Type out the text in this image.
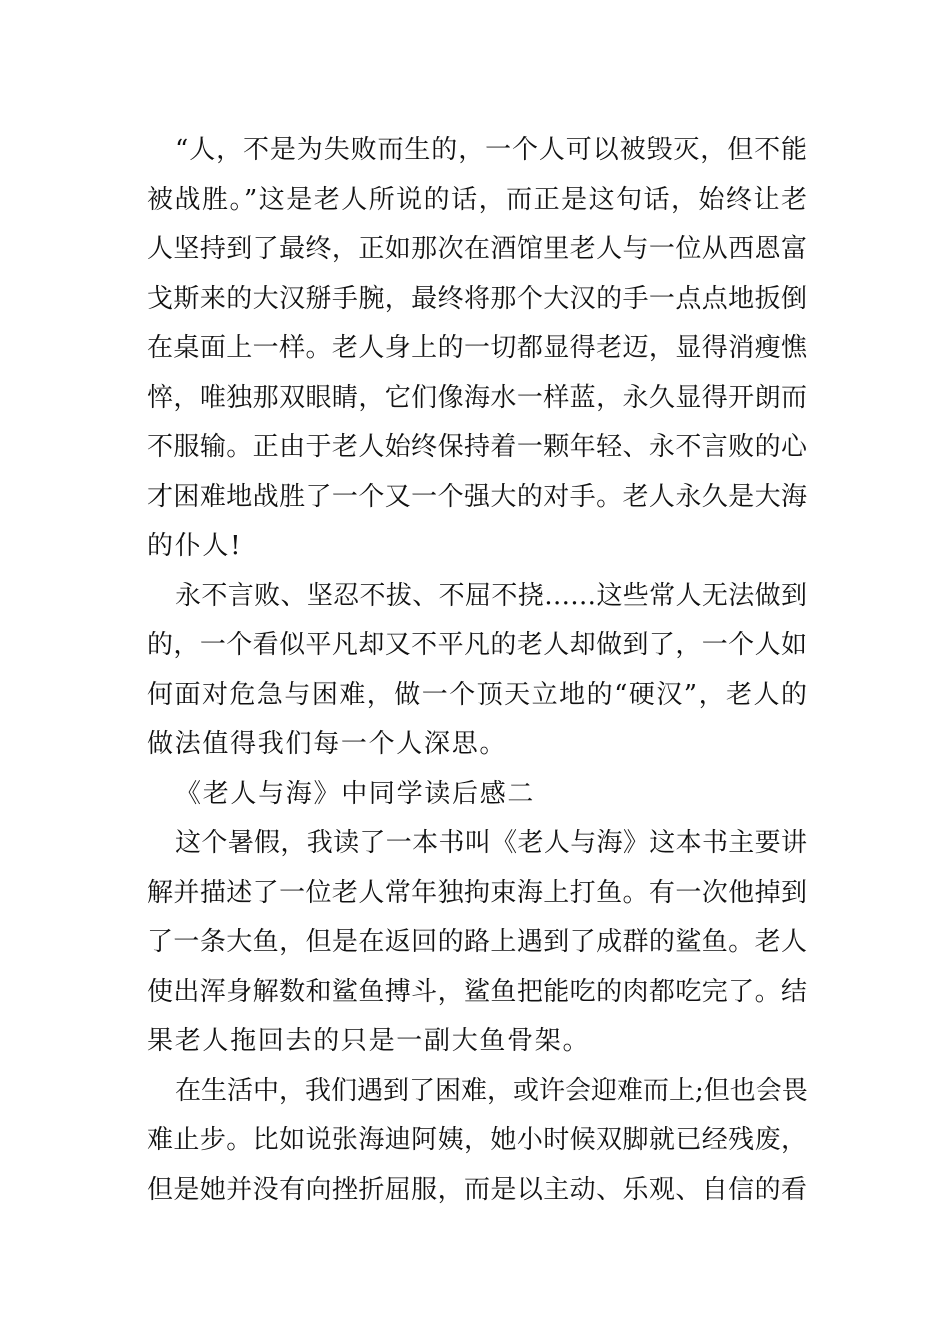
“人，不是为失败而生的，一个人可以被毁灭，但不能
被战胜。”这是老人所说的话，而正是这句话，始终让老
人坚持到了最终，正如那次在酒馆里老人与一位从西恩富
戈斯来的大汉掰手腕，最终将那个大汉的手一点点地扳倒
在桌面上一样。老人身上的一切都显得老迈，显得消瘦憔
悴，唯独那双眼睛，它们像海水一样蓝，永久显得开朗而
不服输。正由于老人始终保持着一颗年轻、永不言败的心
才困难地战胜了一个又一个强大的对手。老人永久是大海
的仆人!
永不言败、坚忍不拔、不屈不挠……这些常人无法做到
的，一个看似平凡却又不平凡的老人却做到了，一个人如
何面对危急与困难，做一个顶天立地的“硬汉”，老人的
做法值得我们每一个人深思。
《老人与海》中同学读后感二
这个暑假，我读了一本书叫《老人与海》这本书主要讲
解并描述了一位老人常年独拘束海上打鱼。有一次他掉到
了一条大鱼，但是在返回的路上遇到了成群的鲨鱼。老人
使出浑身解数和鲨鱼搏斗，鲨鱼把能吃的肉都吃完了。结
果老人拖回去的只是一副大鱼骨架。
在生活中，我们遇到了困难，或许会迎难而上;但也会畏
难止步。比如说张海迪阿姨，她小时候双脚就已经残废，
但是她并没有向挫折屈服，而是以主动、乐观、自信的看
